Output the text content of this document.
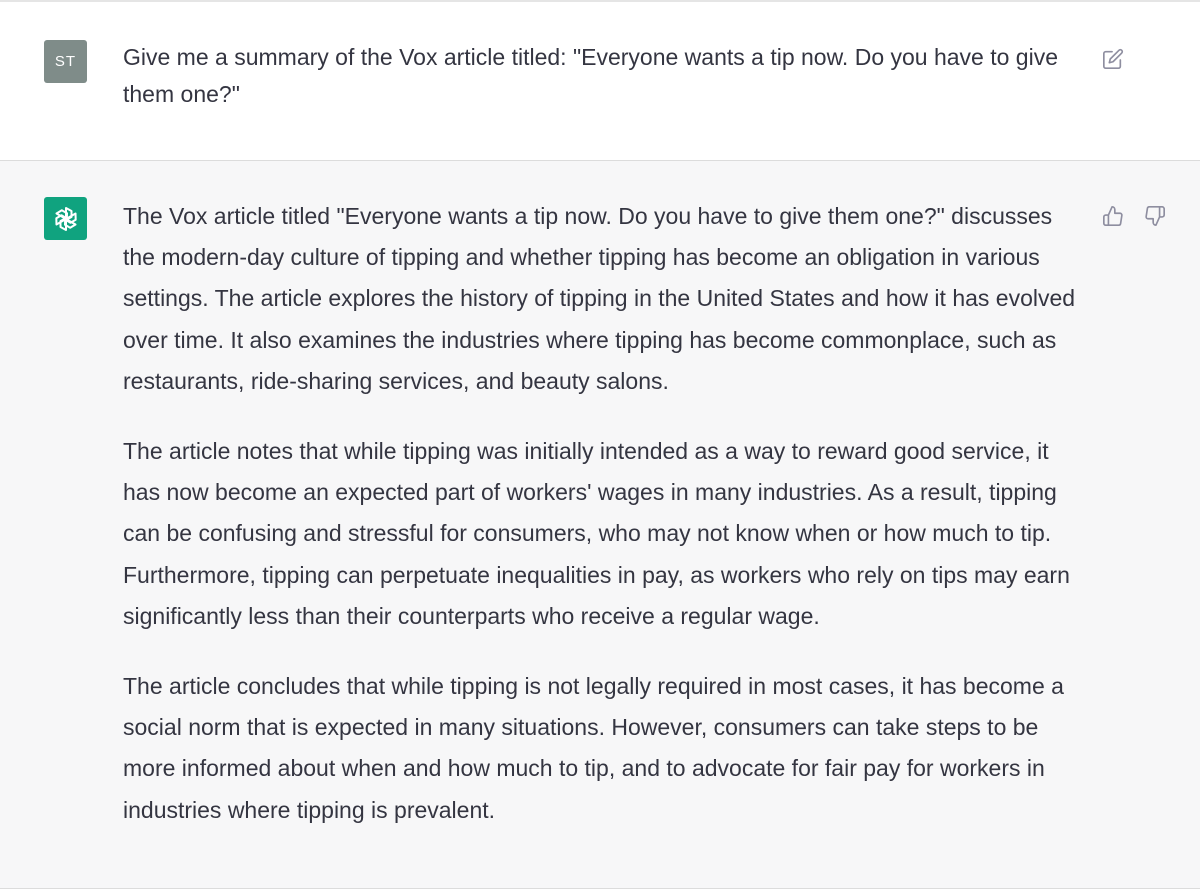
ST Give me a summary of the Vox article titled: "Everyone wants a tip now. Do you have to give them one?"

The Vox article titled "Everyone wants a tip now. Do you have to give them one?" discusses the modern-day culture of tipping and whether tipping has become an obligation in various settings. The article explores the history of tipping in the United States and how it has evolved over time. It also examines the industries where tipping has become commonplace, such as restaurants, ride-sharing services, and beauty salons.

The article notes that while tipping was initially intended as a way to reward good service, it has now become an expected part of workers' wages in many industries. As a result, tipping can be confusing and stressful for consumers, who may not know when or how much to tip. Furthermore, tipping can perpetuate inequalities in pay, as workers who rely on tips may earn significantly less than their counterparts who receive a regular wage.

The article concludes that while tipping is not legally required in most cases, it has become a social norm that is expected in many situations. However, consumers can take steps to be more informed about when and how much to tip, and to advocate for fair pay for workers in industries where tipping is prevalent.
